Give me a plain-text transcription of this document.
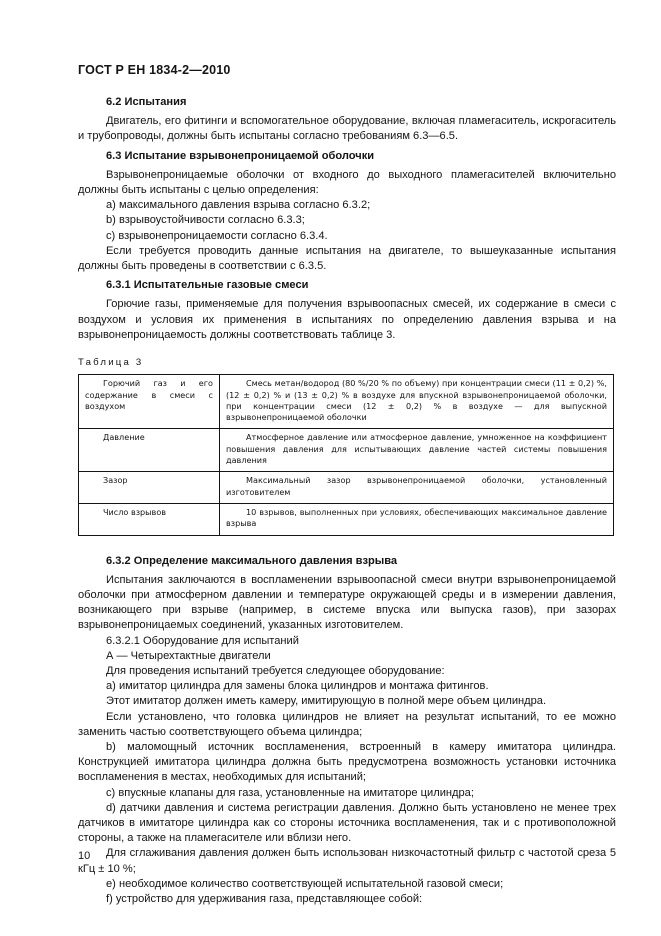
ГОСТ Р ЕН 1834-2—2010

6.2 Испытания

Двигатель, его фитинги и вспомогательное оборудование, включая пламегаситель, искрогаситель и трубопроводы, должны быть испытаны согласно требованиям 6.3—6.5.

6.3 Испытание взрывонепроницаемой оболочки

Взрывонепроницаемые оболочки от входного до выходного пламегасителей включительно должны быть испытаны с целью определения:

а) максимального давления взрыва согласно 6.3.2;

b) взрывоустойчивости согласно 6.3.3;

c) взрывонепроницаемости согласно 6.3.4.

Если требуется проводить данные испытания на двигателе, то вышеуказанные испытания должны быть проведены в соответствии с 6.3.5.

6.3.1 Испытательные газовые смеси

Горючие газы, применяемые для получения взрывоопасных смесей, их содержание в смеси с воздухом и условия их применения в испытаниях по определению давления взрыва и на взрывонепроницаемость должны соответствовать таблице 3.

Таблица 3
Горючий газ и его содержание в смеси с воздухом	Смесь метан/водород (80 %/20 % по объему) при концентрации смеси (11 ± 0,2) %, (12 ± 0,2) % и (13 ± 0,2) % в воздухе для впускной взрывонепроницаемой оболочки, при концентрации смеси (12 ± 0,2) % в воздухе — для выпускной взрывонепроницаемой оболочки
Давление	Атмосферное давление или атмосферное давление, умноженное на коэффициент повышения давления для испытывающих давление частей системы повышения давления
Зазор	Максимальный зазор взрывонепроницаемой оболочки, установленный изготовителем
Число взрывов	10 взрывов, выполненных при условиях, обеспечивающих максимальное давление взрыва

6.3.2 Определение максимального давления взрыва

Испытания заключаются в воспламенении взрывоопасной смеси внутри взрывонепроницаемой оболочки при атмосферном давлении и температуре окружающей среды и в измерении давления, возникающего при взрыве (например, в системе впуска или выпуска газов), при зазорах взрывонепроницаемых соединений, указанных изготовителем.

6.3.2.1 Оборудование для испытаний

А — Четырехтактные двигатели

Для проведения испытаний требуется следующее оборудование:

а) имитатор цилиндра для замены блока цилиндров и монтажа фитингов.

Этот имитатор должен иметь камеру, имитирующую в полной мере объем цилиндра.

Если установлено, что головка цилиндров не влияет на результат испытаний, то ее можно заменить частью соответствующего объема цилиндра;

b) маломощный источник воспламенения, встроенный в камеру имитатора цилиндра. Конструкцией имитатора цилиндра должна быть предусмотрена возможность установки источника воспламенения в местах, необходимых для испытаний;

c) впускные клапаны для газа, установленные на имитаторе цилиндра;

d) датчики давления и система регистрации давления. Должно быть установлено не менее трех датчиков в имитаторе цилиндра как со стороны источника воспламенения, так и с противоположной стороны, а также на пламегасителе или вблизи него.

Для сглаживания давления должен быть использован низкочастотный фильтр с частотой среза 5 кГц ± 10 %;

e) необходимое количество соответствующей испытательной газовой смеси;

f) устройство для удерживания газа, представляющее собой:

10
